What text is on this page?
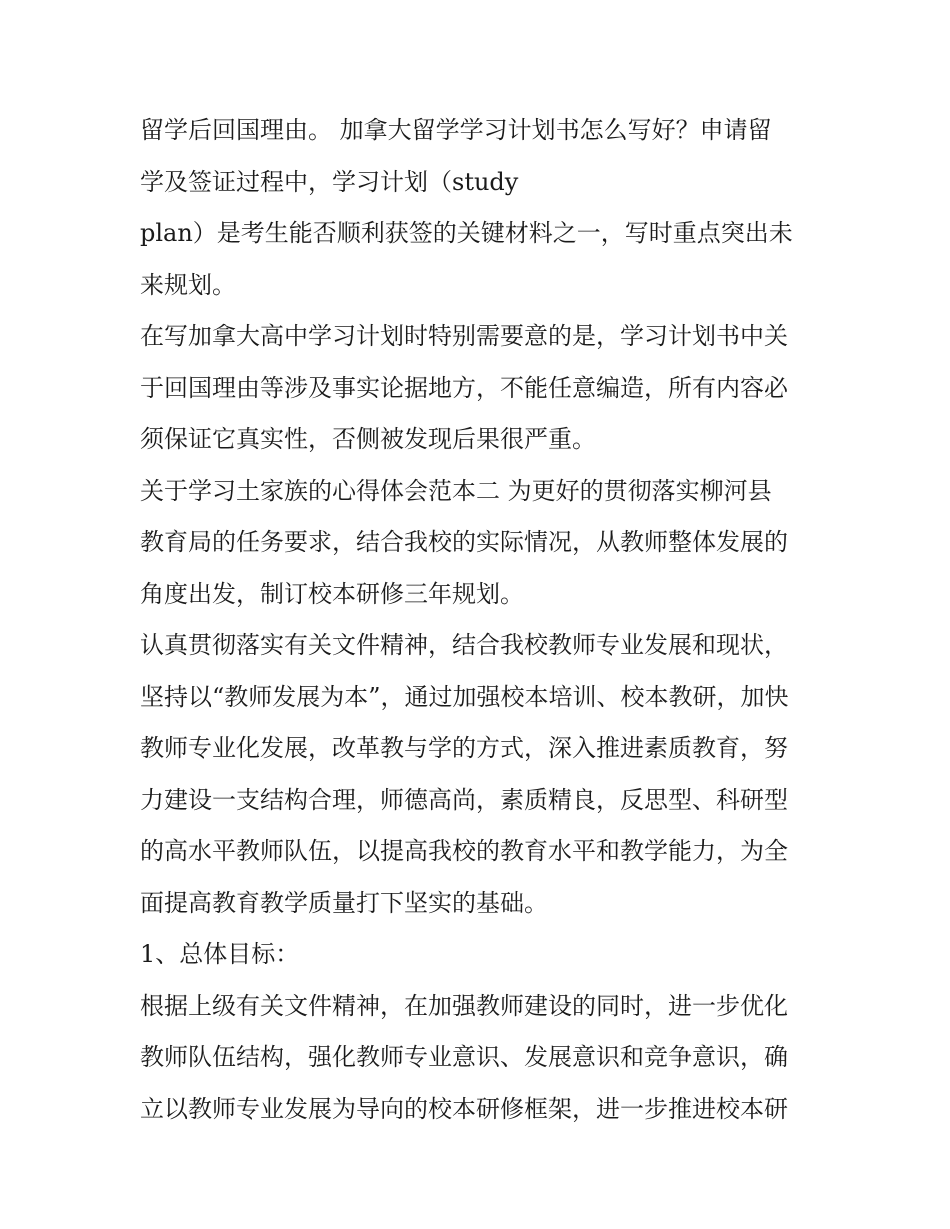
留学后回国理由。 加拿大留学学习计划书怎么写好？申请留
学及签证过程中，学习计划（study
plan）是考生能否顺利获签的关键材料之一，写时重点突出未
来规划。
在写加拿大高中学习计划时特别需要意的是，学习计划书中关
于回国理由等涉及事实论据地方，不能任意编造，所有内容必
须保证它真实性，否侧被发现后果很严重。
关于学习土家族的心得体会范本二 为更好的贯彻落实柳河县
教育局的任务要求，结合我校的实际情况，从教师整体发展的
角度出发，制订校本研修三年规划。
认真贯彻落实有关文件精神，结合我校教师专业发展和现状，
坚持以“教师发展为本”，通过加强校本培训、校本教研，加快
教师专业化发展，改革教与学的方式，深入推进素质教育，努
力建设一支结构合理，师德高尚，素质精良，反思型、科研型
的高水平教师队伍，以提高我校的教育水平和教学能力，为全
面提高教育教学质量打下坚实的基础。
1、总体目标：
根据上级有关文件精神，在加强教师建设的同时，进一步优化
教师队伍结构，强化教师专业意识、发展意识和竞争意识，确
立以教师专业发展为导向的校本研修框架，进一步推进校本研
